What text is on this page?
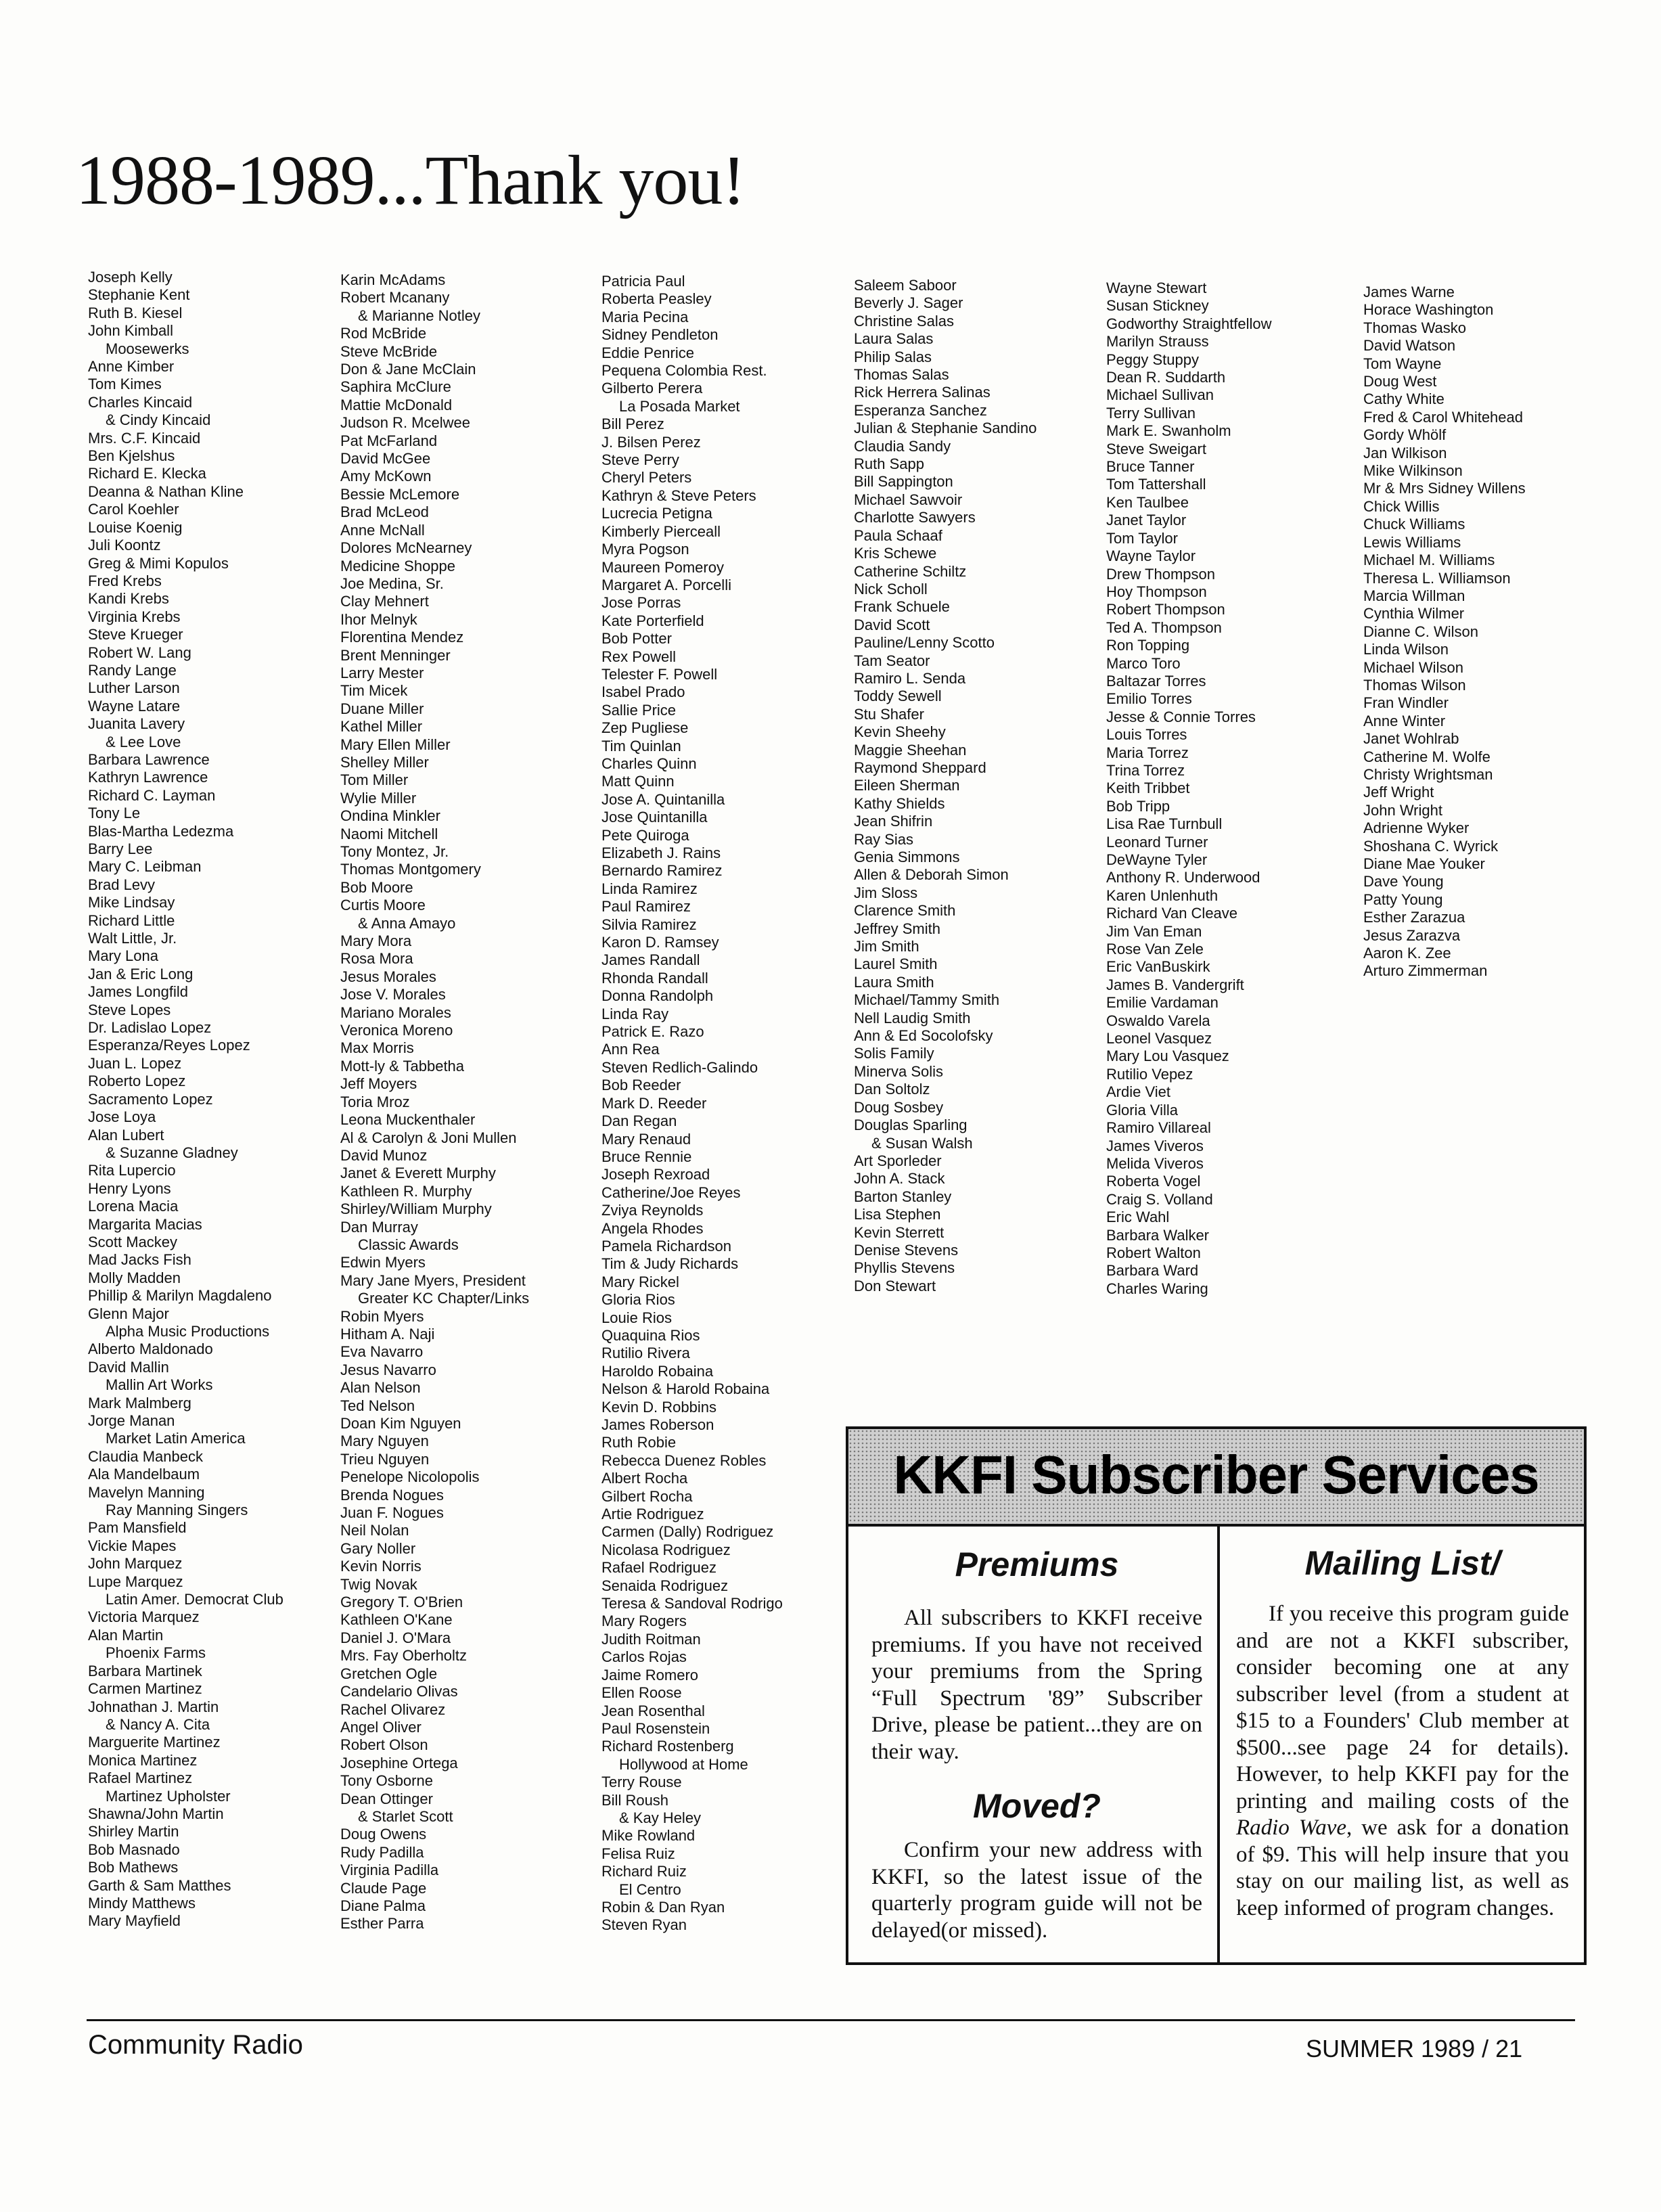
1988-1989...Thank you!
Joseph Kelly
Stephanie Kent
Ruth B. Kiesel
John Kimball
Moosewerks
Anne Kimber
Tom Kimes
Charles Kincaid
& Cindy Kincaid
Mrs. C.F. Kincaid
Ben Kjelshus
Richard E. Klecka
Deanna & Nathan Kline
Carol Koehler
Louise Koenig
Juli Koontz
Greg & Mimi Kopulos
Fred Krebs
Kandi Krebs
Virginia Krebs
Steve Krueger
Robert W. Lang
Randy Lange
Luther Larson
Wayne Latare
Juanita Lavery
& Lee Love
Barbara Lawrence
Kathryn Lawrence
Richard C. Layman
Tony Le
Blas-Martha Ledezma
Barry Lee
Mary C. Leibman
Brad Levy
Mike Lindsay
Richard Little
Walt Little, Jr.
Mary Lona
Jan & Eric Long
James Longfild
Steve Lopes
Dr. Ladislao Lopez
Esperanza/Reyes Lopez
Juan L. Lopez
Roberto Lopez
Sacramento Lopez
Jose Loya
Alan Lubert
& Suzanne Gladney
Rita Lupercio
Henry Lyons
Lorena Macia
Margarita Macias
Scott Mackey
Mad Jacks Fish
Molly Madden
Phillip & Marilyn Magdaleno
Glenn Major
Alpha Music Productions
Alberto Maldonado
David Mallin
Mallin Art Works
Mark Malmberg
Jorge Manan
Market Latin America
Claudia Manbeck
Ala Mandelbaum
Mavelyn Manning
Ray Manning Singers
Pam Mansfield
Vickie Mapes
John Marquez
Lupe Marquez
Latin Amer. Democrat Club
Victoria Marquez
Alan Martin
Phoenix Farms
Barbara Martinek
Carmen Martinez
Johnathan J. Martin
& Nancy A. Cita
Marguerite Martinez
Monica Martinez
Rafael Martinez
Martinez Upholster
Shawna/John Martin
Shirley Martin
Bob Masnado
Bob Mathews
Garth & Sam Matthes
Mindy Matthews
Mary Mayfield
Karin McAdams
Robert Mcanany
& Marianne Notley
Rod McBride
Steve McBride
Don & Jane McClain
Saphira McClure
Mattie McDonald
Judson R. Mcelwee
Pat McFarland
David McGee
Amy McKown
Bessie McLemore
Brad McLeod
Anne McNall
Dolores McNearney
Medicine Shoppe
Joe Medina, Sr.
Clay Mehnert
Ihor Melnyk
Florentina Mendez
Brent Menninger
Larry Mester
Tim Micek
Duane Miller
Kathel Miller
Mary Ellen Miller
Shelley Miller
Tom Miller
Wylie Miller
Ondina Minkler
Naomi Mitchell
Tony Montez, Jr.
Thomas Montgomery
Bob Moore
Curtis Moore
& Anna Amayo
Mary Mora
Rosa Mora
Jesus Morales
Jose V. Morales
Mariano Morales
Veronica Moreno
Max Morris
Mott-ly & Tabbetha
Jeff Moyers
Toria Mroz
Leona Muckenthaler
Al & Carolyn & Joni Mullen
David Munoz
Janet & Everett Murphy
Kathleen R. Murphy
Shirley/William Murphy
Dan Murray
Classic Awards
Edwin Myers
Mary Jane Myers, President
Greater KC Chapter/Links
Robin Myers
Hitham A. Naji
Eva Navarro
Jesus Navarro
Alan Nelson
Ted Nelson
Doan Kim Nguyen
Mary Nguyen
Trieu Nguyen
Penelope Nicolopolis
Brenda Nogues
Juan F. Nogues
Neil Nolan
Gary Noller
Kevin Norris
Twig Novak
Gregory T. O'Brien
Kathleen O'Kane
Daniel J. O'Mara
Mrs. Fay Oberholtz
Gretchen Ogle
Candelario Olivas
Rachel Olivarez
Angel Oliver
Robert Olson
Josephine Ortega
Tony Osborne
Dean Ottinger
& Starlet Scott
Doug Owens
Rudy Padilla
Virginia Padilla
Claude Page
Diane Palma
Esther Parra
Patricia Paul
Roberta Peasley
Maria Pecina
Sidney Pendleton
Eddie Penrice
Pequena Colombia Rest.
Gilberto Perera
La Posada Market
Bill Perez
J. Bilsen Perez
Steve Perry
Cheryl Peters
Kathryn & Steve Peters
Lucrecia Petigna
Kimberly Pierceall
Myra Pogson
Maureen Pomeroy
Margaret A. Porcelli
Jose Porras
Kate Porterfield
Bob Potter
Rex Powell
Telester F. Powell
Isabel Prado
Sallie Price
Zep Pugliese
Tim Quinlan
Charles Quinn
Matt Quinn
Jose A. Quintanilla
Jose Quintanilla
Pete Quiroga
Elizabeth J. Rains
Bernardo Ramirez
Linda Ramirez
Paul Ramirez
Silvia Ramirez
Karon D. Ramsey
James Randall
Rhonda Randall
Donna Randolph
Linda Ray
Patrick E. Razo
Ann Rea
Steven Redlich-Galindo
Bob Reeder
Mark D. Reeder
Dan Regan
Mary Renaud
Bruce Rennie
Joseph Rexroad
Catherine/Joe Reyes
Zviya Reynolds
Angela Rhodes
Pamela Richardson
Tim & Judy Richards
Mary Rickel
Gloria Rios
Louie Rios
Quaquina Rios
Rutilio Rivera
Haroldo Robaina
Nelson & Harold Robaina
Kevin D. Robbins
James Roberson
Ruth Robie
Rebecca Duenez Robles
Albert Rocha
Gilbert Rocha
Artie Rodriguez
Carmen (Dally) Rodriguez
Nicolasa Rodriguez
Rafael Rodriguez
Senaida Rodriguez
Teresa & Sandoval Rodrigo
Mary Rogers
Judith Roitman
Carlos Rojas
Jaime Romero
Ellen Roose
Jean Rosenthal
Paul Rosenstein
Richard Rostenberg
Hollywood at Home
Terry Rouse
Bill Roush
& Kay Heley
Mike Rowland
Felisa Ruiz
Richard Ruiz
El Centro
Robin & Dan Ryan
Steven Ryan
Saleem Saboor
Beverly J. Sager
Christine Salas
Laura Salas
Philip Salas
Thomas Salas
Rick Herrera Salinas
Esperanza Sanchez
Julian & Stephanie Sandino
Claudia Sandy
Ruth Sapp
Bill Sappington
Michael Sawvoir
Charlotte Sawyers
Paula Schaaf
Kris Schewe
Catherine Schiltz
Nick Scholl
Frank Schuele
David Scott
Pauline/Lenny Scotto
Tam Seator
Ramiro L. Senda
Toddy Sewell
Stu Shafer
Kevin Sheehy
Maggie Sheehan
Raymond Sheppard
Eileen Sherman
Kathy Shields
Jean Shifrin
Ray Sias
Genia Simmons
Allen & Deborah Simon
Jim Sloss
Clarence Smith
Jeffrey Smith
Jim Smith
Laurel Smith
Laura Smith
Michael/Tammy Smith
Nell Laudig Smith
Ann & Ed Socolofsky
Solis Family
Minerva Solis
Dan Soltolz
Doug Sosbey
Douglas Sparling
& Susan Walsh
Art Sporleder
John A. Stack
Barton Stanley
Lisa Stephen
Kevin Sterrett
Denise Stevens
Phyllis Stevens
Don Stewart
Wayne Stewart
Susan Stickney
Godworthy Straightfellow
Marilyn Strauss
Peggy Stuppy
Dean R. Suddarth
Michael Sullivan
Terry Sullivan
Mark E. Swanholm
Steve Sweigart
Bruce Tanner
Tom Tattershall
Ken Taulbee
Janet Taylor
Tom Taylor
Wayne Taylor
Drew Thompson
Hoy Thompson
Robert Thompson
Ted A. Thompson
Ron Topping
Marco Toro
Baltazar Torres
Emilio Torres
Jesse & Connie Torres
Louis Torres
Maria Torrez
Trina Torrez
Keith Tribbet
Bob Tripp
Lisa Rae Turnbull
Leonard Turner
DeWayne Tyler
Anthony R. Underwood
Karen Unlenhuth
Richard Van Cleave
Jim Van Eman
Rose Van Zele
Eric VanBuskirk
James B. Vandergrift
Emilie Vardaman
Oswaldo Varela
Leonel Vasquez
Mary Lou Vasquez
Rutilio Vepez
Ardie Viet
Gloria Villa
Ramiro Villareal
James Viveros
Melida Viveros
Roberta Vogel
Craig S. Volland
Eric Wahl
Barbara Walker
Robert Walton
Barbara Ward
Charles Waring
James Warne
Horace Washington
Thomas Wasko
David Watson
Tom Wayne
Doug West
Cathy White
Fred & Carol Whitehead
Gordy Whölf
Jan Wilkison
Mike Wilkinson
Mr & Mrs Sidney Willens
Chick Willis
Chuck Williams
Lewis Williams
Michael M. Williams
Theresa L. Williamson
Marcia Willman
Cynthia Wilmer
Dianne C. Wilson
Linda Wilson
Michael Wilson
Thomas Wilson
Fran Windler
Anne Winter
Janet Wohlrab
Catherine M. Wolfe
Christy Wrightsman
Jeff Wright
John Wright
Adrienne Wyker
Shoshana C. Wyrick
Diane Mae Youker
Dave Young
Patty Young
Esther Zarazua
Jesus Zarazva
Aaron K. Zee
Arturo Zimmerman
KKFI Subscriber Services
Premiums

All subscribers to KKFI receive premiums. If you have not received your premiums from the Spring “Full Spectrum '89” Subscriber Drive, please be patient...they are on their way.

Moved?

Confirm your new address with KKFI, so the latest issue of the quarterly program guide will not be delayed(or missed).

Mailing List/

If you receive this program guide and are not a KKFI subscriber, consider becoming one at any subscriber level (from a student at $15 to a Founders' Club member at $500...see page 24 for details). However, to help KKFI pay for the printing and mailing costs of the Radio Wave, we ask for a donation of $9. This will help insure that you stay on our mailing list, as well as keep informed of program changes.

Community Radio	SUMMER 1989 / 21
